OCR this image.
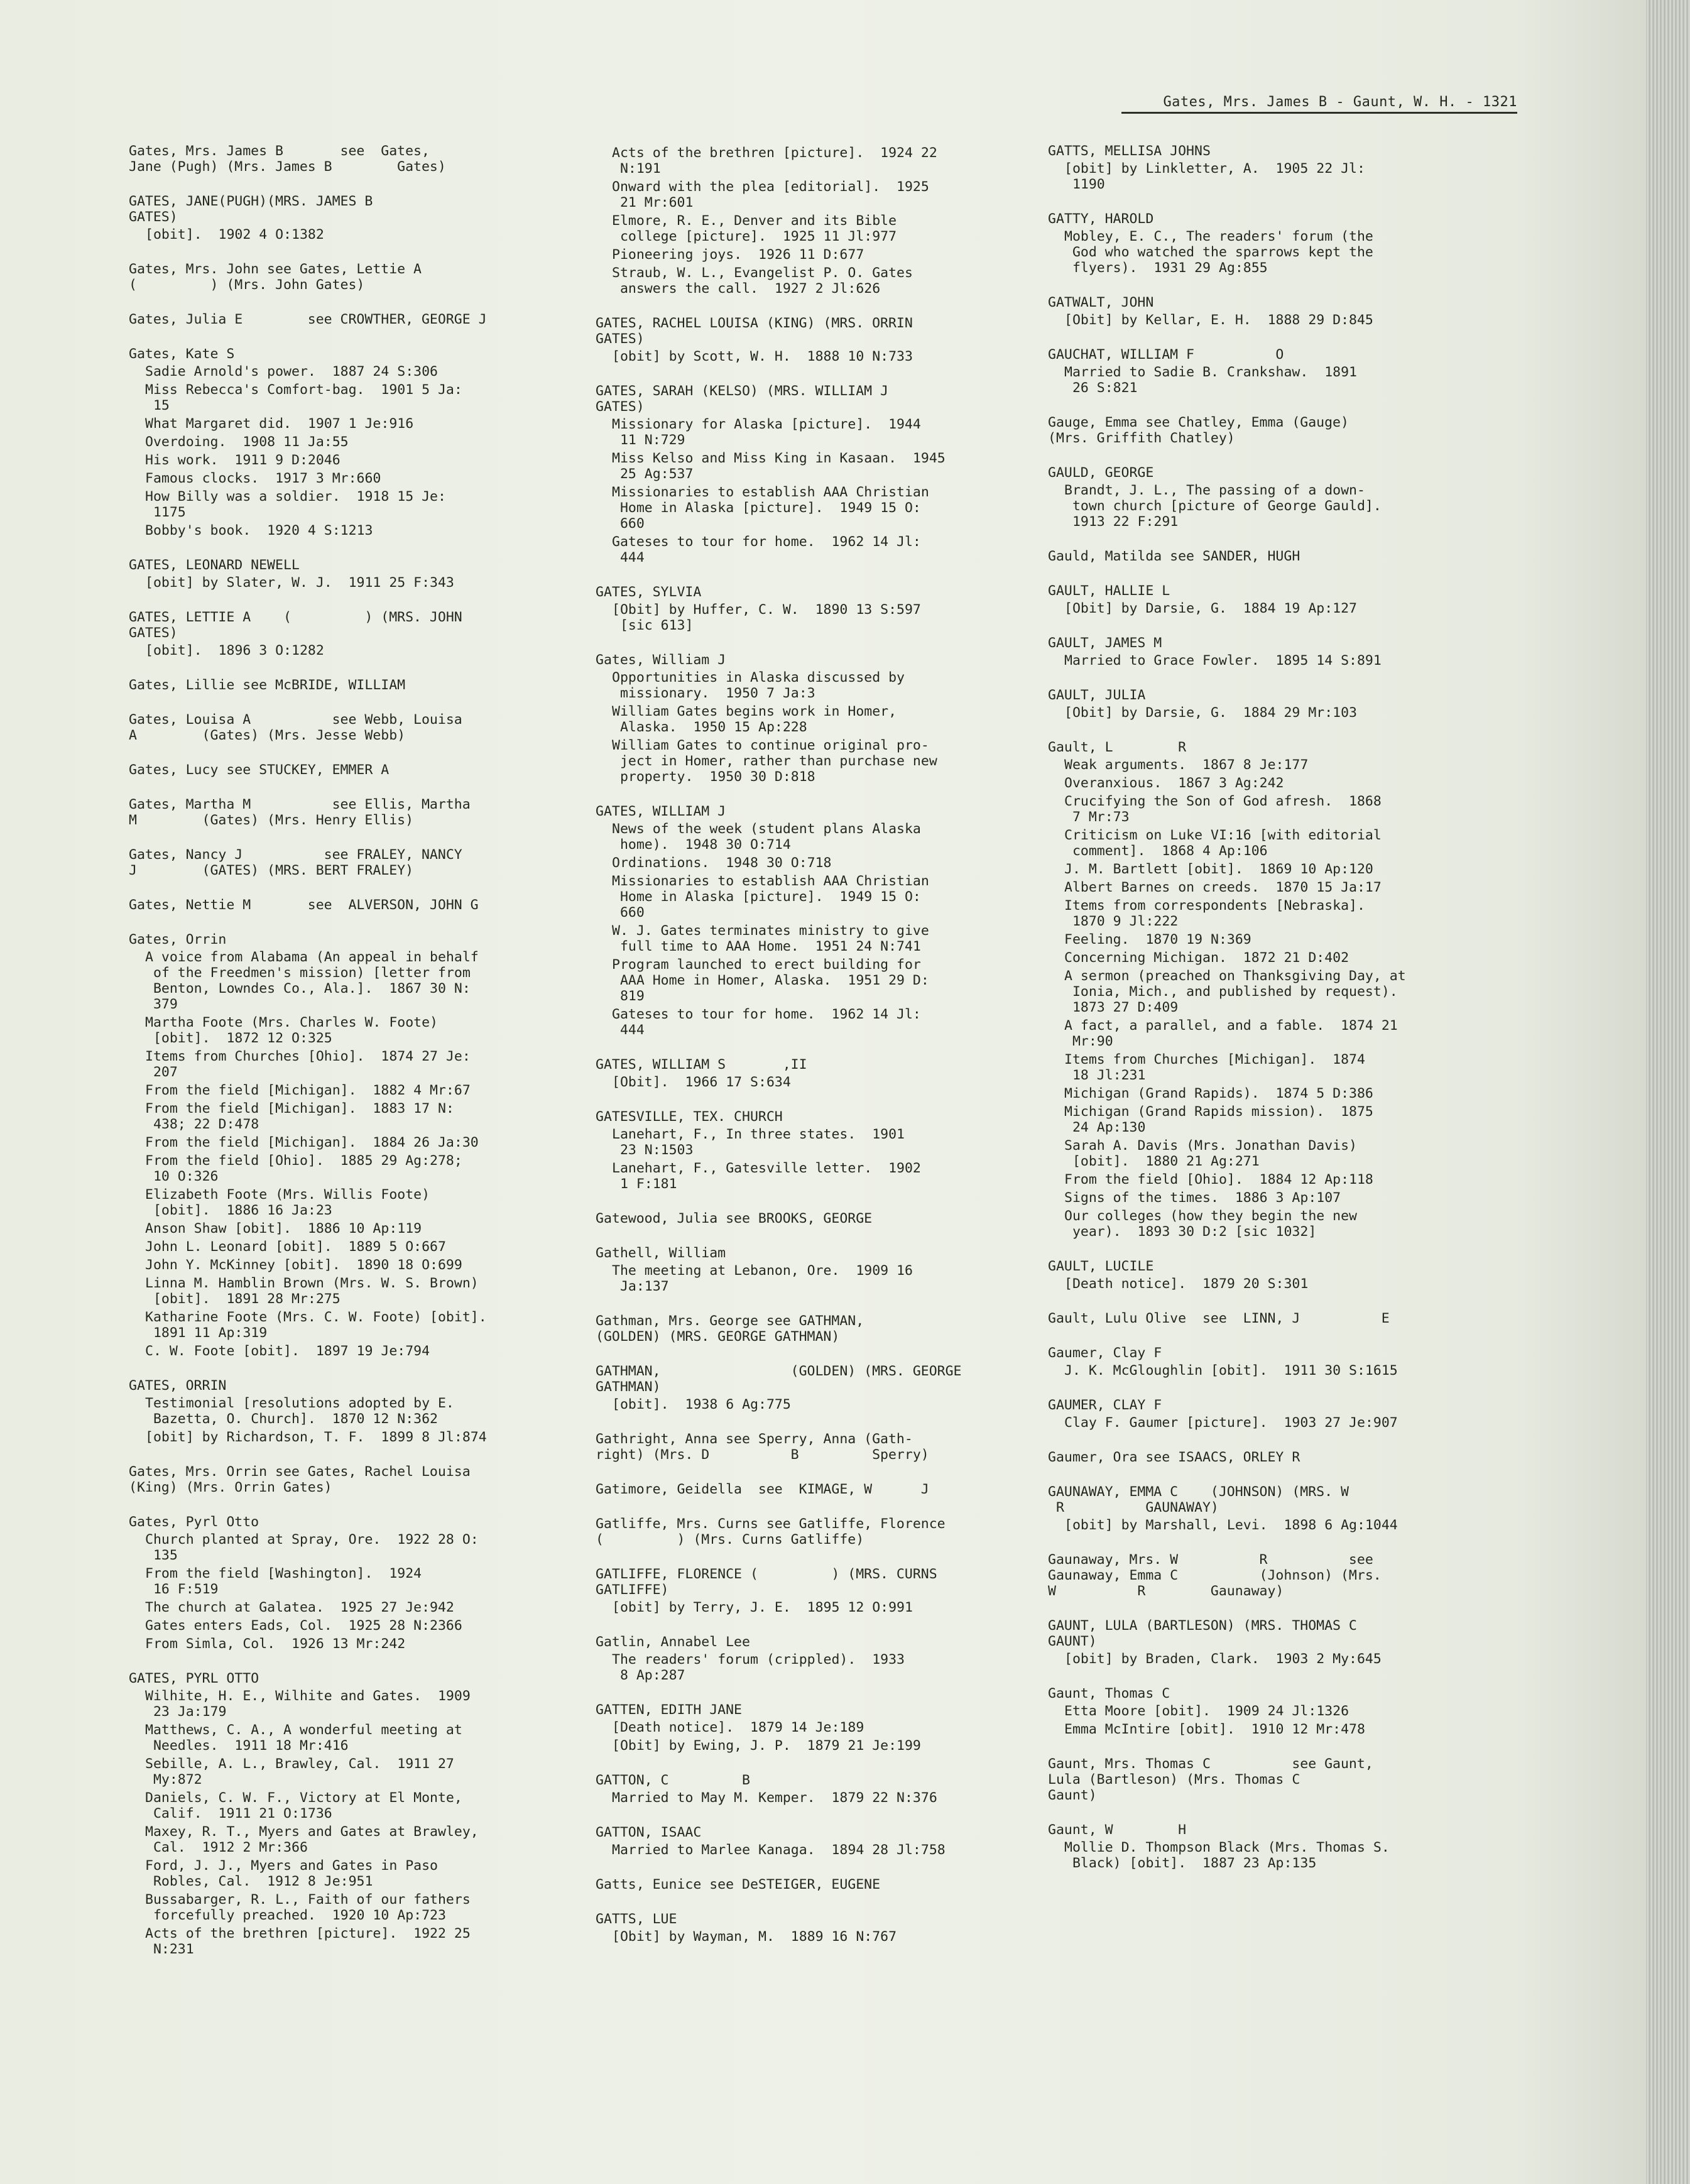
Gates, Mrs. James B - Gaunt, W. H. - 1321
Gates, Mrs. James B       see  Gates,
Jane (Pugh) (Mrs. James B        Gates)
GATES, JANE(PUGH)(MRS. JAMES B
GATES)
[obit].  1902 4 O:1382
Gates, Mrs. John see Gates, Lettie A
(         ) (Mrs. John Gates)
Gates, Julia E        see CROWTHER, GEORGE J
Gates, Kate S
Sadie Arnold's power.  1887 24 S:306
Miss Rebecca's Comfort-bag.  1901 5 Ja:
15
What Margaret did.  1907 1 Je:916
Overdoing.  1908 11 Ja:55
His work.  1911 9 D:2046
Famous clocks.  1917 3 Mr:660
How Billy was a soldier.  1918 15 Je:
1175
Bobby's book.  1920 4 S:1213
GATES, LEONARD NEWELL
[obit] by Slater, W. J.  1911 25 F:343
GATES, LETTIE A    (         ) (MRS. JOHN
GATES)
[obit].  1896 3 O:1282
Gates, Lillie see McBRIDE, WILLIAM
Gates, Louisa A          see Webb, Louisa
A        (Gates) (Mrs. Jesse Webb)
Gates, Lucy see STUCKEY, EMMER A
Gates, Martha M          see Ellis, Martha
M        (Gates) (Mrs. Henry Ellis)
Gates, Nancy J          see FRALEY, NANCY
J        (GATES) (MRS. BERT FRALEY)
Gates, Nettie M       see  ALVERSON, JOHN G
Gates, Orrin
A voice from Alabama (An appeal in behalf
of the Freedmen's mission) [letter from
Benton, Lowndes Co., Ala.].  1867 30 N:
379
Martha Foote (Mrs. Charles W. Foote)
[obit].  1872 12 O:325
Items from Churches [Ohio].  1874 27 Je:
207
From the field [Michigan].  1882 4 Mr:67
From the field [Michigan].  1883 17 N:
438; 22 D:478
From the field [Michigan].  1884 26 Ja:30
From the field [Ohio].  1885 29 Ag:278;
10 O:326
Elizabeth Foote (Mrs. Willis Foote)
[obit].  1886 16 Ja:23
Anson Shaw [obit].  1886 10 Ap:119
John L. Leonard [obit].  1889 5 O:667
John Y. McKinney [obit].  1890 18 O:699
Linna M. Hamblin Brown (Mrs. W. S. Brown)
[obit].  1891 28 Mr:275
Katharine Foote (Mrs. C. W. Foote) [obit].
1891 11 Ap:319
C. W. Foote [obit].  1897 19 Je:794
GATES, ORRIN
Testimonial [resolutions adopted by E.
Bazetta, O. Church].  1870 12 N:362
[obit] by Richardson, T. F.  1899 8 Jl:874
Gates, Mrs. Orrin see Gates, Rachel Louisa
(King) (Mrs. Orrin Gates)
Gates, Pyrl Otto
Church planted at Spray, Ore.  1922 28 O:
135
From the field [Washington].  1924
16 F:519
The church at Galatea.  1925 27 Je:942
Gates enters Eads, Col.  1925 28 N:2366
From Simla, Col.  1926 13 Mr:242
GATES, PYRL OTTO
Wilhite, H. E., Wilhite and Gates.  1909
23 Ja:179
Matthews, C. A., A wonderful meeting at
Needles.  1911 18 Mr:416
Sebille, A. L., Brawley, Cal.  1911 27
My:872
Daniels, C. W. F., Victory at El Monte,
Calif.  1911 21 O:1736
Maxey, R. T., Myers and Gates at Brawley,
Cal.  1912 2 Mr:366
Ford, J. J., Myers and Gates in Paso
Robles, Cal.  1912 8 Je:951
Bussabarger, R. L., Faith of our fathers
forcefully preached.  1920 10 Ap:723
Acts of the brethren [picture].  1922 25
N:231
Acts of the brethren [picture].  1924 22
N:191
Onward with the plea [editorial].  1925
21 Mr:601
Elmore, R. E., Denver and its Bible
college [picture].  1925 11 Jl:977
Pioneering joys.  1926 11 D:677
Straub, W. L., Evangelist P. O. Gates
answers the call.  1927 2 Jl:626
GATES, RACHEL LOUISA (KING) (MRS. ORRIN
GATES)
[obit] by Scott, W. H.  1888 10 N:733
GATES, SARAH (KELSO) (MRS. WILLIAM J
GATES)
Missionary for Alaska [picture].  1944
11 N:729
Miss Kelso and Miss King in Kasaan.  1945
25 Ag:537
Missionaries to establish AAA Christian
Home in Alaska [picture].  1949 15 O:
660
Gateses to tour for home.  1962 14 Jl:
444
GATES, SYLVIA
[Obit] by Huffer, C. W.  1890 13 S:597
[sic 613]
Gates, William J
Opportunities in Alaska discussed by
missionary.  1950 7 Ja:3
William Gates begins work in Homer,
Alaska.  1950 15 Ap:228
William Gates to continue original pro-
ject in Homer, rather than purchase new
property.  1950 30 D:818
GATES, WILLIAM J
News of the week (student plans Alaska
home).  1948 30 O:714
Ordinations.  1948 30 O:718
Missionaries to establish AAA Christian
Home in Alaska [picture].  1949 15 O:
660
W. J. Gates terminates ministry to give
full time to AAA Home.  1951 24 N:741
Program launched to erect building for
AAA Home in Homer, Alaska.  1951 29 D:
819
Gateses to tour for home.  1962 14 Jl:
444
GATES, WILLIAM S       ,II
[Obit].  1966 17 S:634
GATESVILLE, TEX. CHURCH
Lanehart, F., In three states.  1901
23 N:1503
Lanehart, F., Gatesville letter.  1902
1 F:181
Gatewood, Julia see BROOKS, GEORGE
Gathell, William
The meeting at Lebanon, Ore.  1909 16
Ja:137
Gathman, Mrs. George see GATHMAN,
(GOLDEN) (MRS. GEORGE GATHMAN)
GATHMAN,                (GOLDEN) (MRS. GEORGE
GATHMAN)
[obit].  1938 6 Ag:775
Gathright, Anna see Sperry, Anna (Gath-
right) (Mrs. D          B         Sperry)
Gatimore, Geidella  see  KIMAGE, W      J
Gatliffe, Mrs. Curns see Gatliffe, Florence
(         ) (Mrs. Curns Gatliffe)
GATLIFFE, FLORENCE (         ) (MRS. CURNS
GATLIFFE)
[obit] by Terry, J. E.  1895 12 O:991
Gatlin, Annabel Lee
The readers' forum (crippled).  1933
8 Ap:287
GATTEN, EDITH JANE
[Death notice].  1879 14 Je:189
[Obit] by Ewing, J. P.  1879 21 Je:199
GATTON, C         B
Married to May M. Kemper.  1879 22 N:376
GATTON, ISAAC
Married to Marlee Kanaga.  1894 28 Jl:758
Gatts, Eunice see DeSTEIGER, EUGENE
GATTS, LUE
[Obit] by Wayman, M.  1889 16 N:767
GATTS, MELLISA JOHNS
[obit] by Linkletter, A.  1905 22 Jl:
1190
GATTY, HAROLD
Mobley, E. C., The readers' forum (the
God who watched the sparrows kept the
flyers).  1931 29 Ag:855
GATWALT, JOHN
[Obit] by Kellar, E. H.  1888 29 D:845
GAUCHAT, WILLIAM F          O
Married to Sadie B. Crankshaw.  1891
26 S:821
Gauge, Emma see Chatley, Emma (Gauge)
(Mrs. Griffith Chatley)
GAULD, GEORGE
Brandt, J. L., The passing of a down-
town church [picture of George Gauld].
1913 22 F:291
Gauld, Matilda see SANDER, HUGH
GAULT, HALLIE L
[Obit] by Darsie, G.  1884 19 Ap:127
GAULT, JAMES M
Married to Grace Fowler.  1895 14 S:891
GAULT, JULIA
[Obit] by Darsie, G.  1884 29 Mr:103
Gault, L        R
Weak arguments.  1867 8 Je:177
Overanxious.  1867 3 Ag:242
Crucifying the Son of God afresh.  1868
7 Mr:73
Criticism on Luke VI:16 [with editorial
comment].  1868 4 Ap:106
J. M. Bartlett [obit].  1869 10 Ap:120
Albert Barnes on creeds.  1870 15 Ja:17
Items from correspondents [Nebraska].
1870 9 Jl:222
Feeling.  1870 19 N:369
Concerning Michigan.  1872 21 D:402
A sermon (preached on Thanksgiving Day, at
Ionia, Mich., and published by request).
1873 27 D:409
A fact, a parallel, and a fable.  1874 21
Mr:90
Items from Churches [Michigan].  1874
18 Jl:231
Michigan (Grand Rapids).  1874 5 D:386
Michigan (Grand Rapids mission).  1875
24 Ap:130
Sarah A. Davis (Mrs. Jonathan Davis)
[obit].  1880 21 Ag:271
From the field [Ohio].  1884 12 Ap:118
Signs of the times.  1886 3 Ap:107
Our colleges (how they begin the new
year).  1893 30 D:2 [sic 1032]
GAULT, LUCILE
[Death notice].  1879 20 S:301
Gault, Lulu Olive  see  LINN, J          E
Gaumer, Clay F
J. K. McGloughlin [obit].  1911 30 S:1615
GAUMER, CLAY F
Clay F. Gaumer [picture].  1903 27 Je:907
Gaumer, Ora see ISAACS, ORLEY R
GAUNAWAY, EMMA C    (JOHNSON) (MRS. W
R          GAUNAWAY)
[obit] by Marshall, Levi.  1898 6 Ag:1044
Gaunaway, Mrs. W          R          see
Gaunaway, Emma C          (Johnson) (Mrs.
W          R        Gaunaway)
GAUNT, LULA (BARTLESON) (MRS. THOMAS C
GAUNT)
[obit] by Braden, Clark.  1903 2 My:645
Gaunt, Thomas C
Etta Moore [obit].  1909 24 Jl:1326
Emma McIntire [obit].  1910 12 Mr:478
Gaunt, Mrs. Thomas C          see Gaunt,
Lula (Bartleson) (Mrs. Thomas C
Gaunt)
Gaunt, W        H
Mollie D. Thompson Black (Mrs. Thomas S.
Black) [obit].  1887 23 Ap:135
